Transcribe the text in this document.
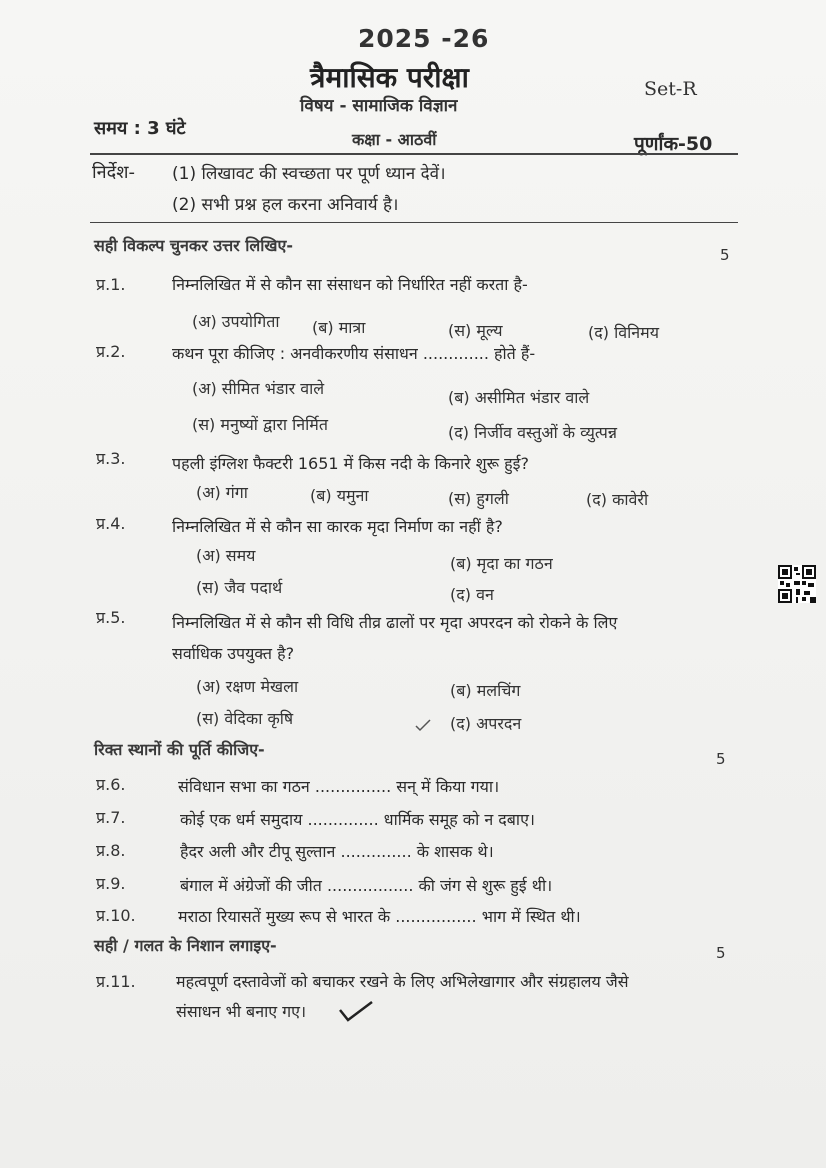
2025 -26
त्रैमासिक परीक्षा	Set-R
विषय - सामाजिक विज्ञान
समय : 3 घंटे
कक्षा - आठवीं	पूर्णांक-50
निर्देश- (1) लिखावट की स्वच्छता पर पूर्ण ध्यान देवें।
(2) सभी प्रश्न हल करना अनिवार्य है।
सही विकल्प चुनकर उत्तर लिखिए-	5
प्र.1.	निम्नलिखित में से कौन सा संसाधन को निर्धारित नहीं करता है-
(अ) उपयोगिता (ब) मात्रा	(स) मूल्य	(द) विनिमय
प्र.2.	कथन पूरा कीजिए : अनवीकरणीय संसाधन ............. होते हैं-
(अ) सीमित भंडार वाले	(ब) असीमित भंडार वाले
(स) मनुष्यों द्वारा निर्मित	(द) निर्जीव वस्तुओं के व्युत्पन्न
प्र.3.	पहली इंग्लिश फैक्टरी 1651 में किस नदी के किनारे शुरू हुई?
(अ) गंगा	(ब) यमुना	(स) हुगली	(द) कावेरी
प्र.4.	निम्नलिखित में से कौन सा कारक मृदा निर्माण का नहीं है?
(अ) समय	(ब) मृदा का गठन
(स) जैव पदार्थ	(द) वन
प्र.5.	निम्नलिखित में से कौन सी विधि तीव्र ढालों पर मृदा अपरदन को रोकने के लिए
सर्वाधिक उपयुक्त है?
(अ) रक्षण मेखला	(ब) मलचिंग
(स) वेदिका कृषि	(द) अपरदन
रिक्त स्थानों की पूर्ति कीजिए-	5
प्र.6.	संविधान सभा का गठन ............... सन् में किया गया।
प्र.7.	कोई एक धर्म समुदाय .............. धार्मिक समूह को न दबाए।
प्र.8.	हैदर अली और टीपू सुल्तान .............. के शासक थे।
प्र.9.	बंगाल में अंग्रेजों की जीत ................. की जंग से शुरू हुई थी।
प्र.10.	मराठा रियासतें मुख्य रूप से भारत के ................ भाग में स्थित थी।
सही / गलत के निशान लगाइए-	5
प्र.11.	महत्वपूर्ण दस्तावेजों को बचाकर रखने के लिए अभिलेखागार और संग्रहालय जैसे
संसाधन भी बनाए गए।
